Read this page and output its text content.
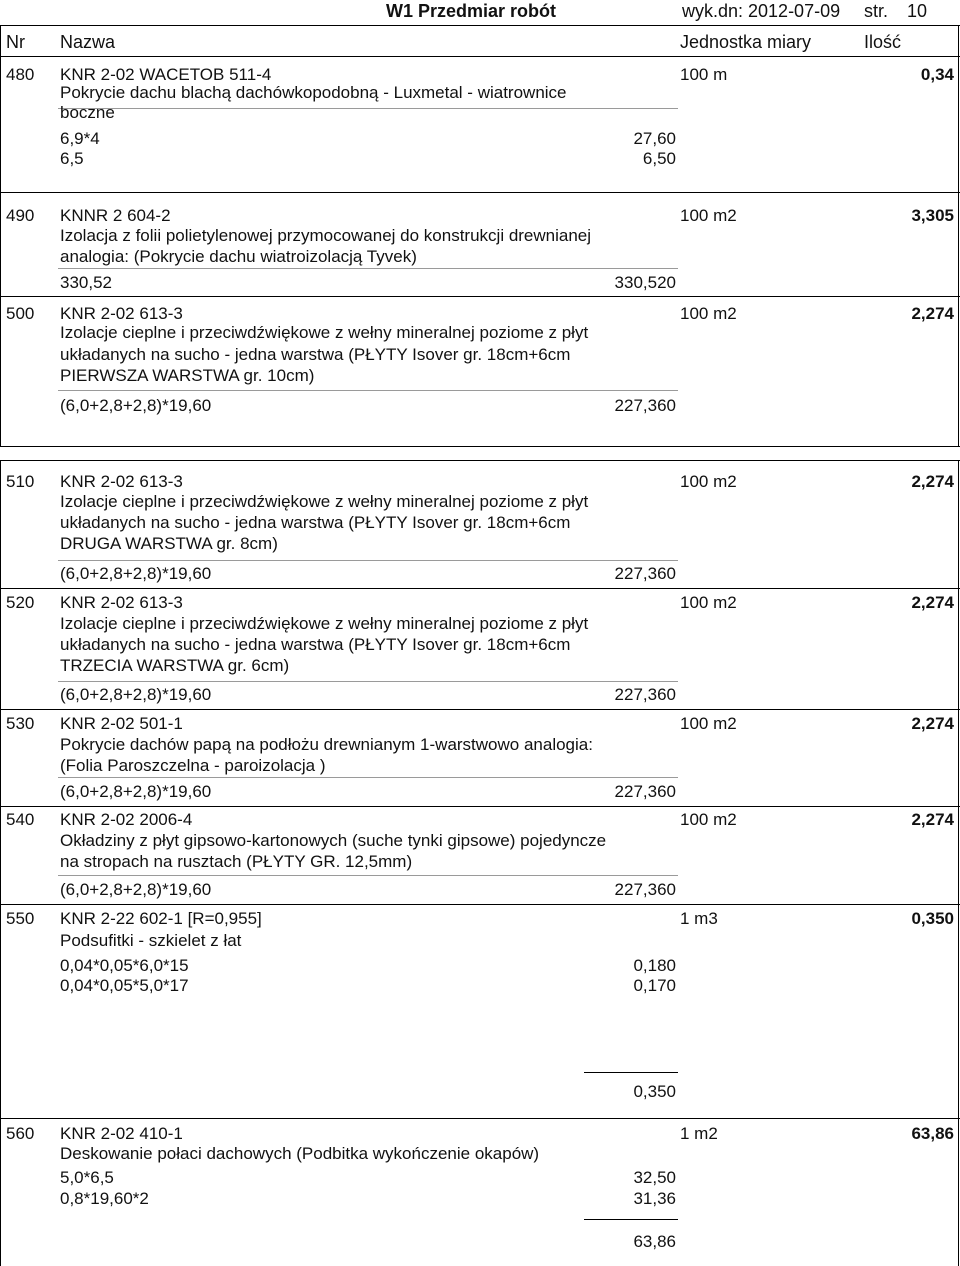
W1 Przedmiar robót	wyk.dn: 2012-07-09 str. 10
Nr Nazwa	Jednostka miary	Ilość
480 KNR 2-02 WACETOB 511-4	100 m	0,34
Pokrycie dachu blachą dachówkopodobną - Luxmetal - wiatrownice
boczne
6,9*4	27,60
6,5	6,50
490 KNNR 2 604-2	100 m2	3,305
Izolacja z folii polietylenowej przymocowanej do konstrukcji drewnianej
analogia: (Pokrycie dachu wiatroizolacją Tyvek)
330,52	330,520
500 KNR 2-02 613-3	100 m2	2,274
Izolacje cieplne i przeciwdźwiękowe z wełny mineralnej poziome z płyt
układanych na sucho - jedna warstwa (PŁYTY Isover gr. 18cm+6cm
PIERWSZA WARSTWA gr. 10cm)
(6,0+2,8+2,8)*19,60	227,360
510 KNR 2-02 613-3	100 m2	2,274
Izolacje cieplne i przeciwdźwiękowe z wełny mineralnej poziome z płyt
układanych na sucho - jedna warstwa (PŁYTY Isover gr. 18cm+6cm
DRUGA WARSTWA gr. 8cm)
(6,0+2,8+2,8)*19,60	227,360
520 KNR 2-02 613-3	100 m2	2,274
Izolacje cieplne i przeciwdźwiękowe z wełny mineralnej poziome z płyt
układanych na sucho - jedna warstwa (PŁYTY Isover gr. 18cm+6cm
TRZECIA WARSTWA gr. 6cm)
(6,0+2,8+2,8)*19,60	227,360
530 KNR 2-02 501-1	100 m2	2,274
Pokrycie dachów papą na podłożu drewnianym 1-warstwowo analogia:
(Folia Paroszczelna - paroizolacja )
(6,0+2,8+2,8)*19,60	227,360
540 KNR 2-02 2006-4	100 m2	2,274
Okładziny z płyt gipsowo-kartonowych (suche tynki gipsowe) pojedyncze
na stropach na rusztach (PŁYTY GR. 12,5mm)
(6,0+2,8+2,8)*19,60	227,360
550 KNR 2-22 602-1 [R=0,955]	1 m3	0,350
Podsufitki - szkielet z łat
0,04*0,05*6,0*15	0,180
0,04*0,05*5,0*17	0,170
0,350
560 KNR 2-02 410-1	1 m2	63,86
Deskowanie połaci dachowych (Podbitka wykończenie okapów)
5,0*6,5	32,50
0,8*19,60*2	31,36
63,86
